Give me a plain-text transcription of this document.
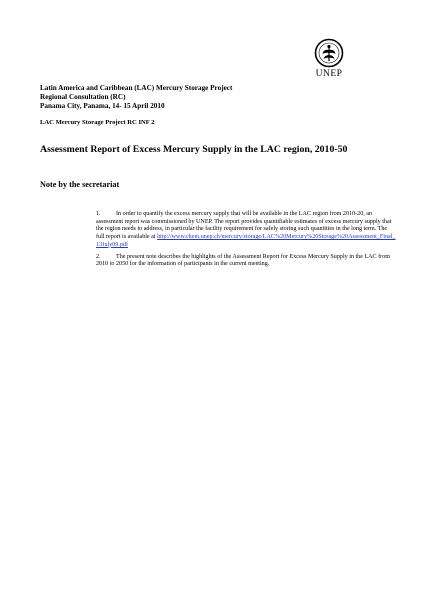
UNEP
Latin America and Caribbean (LAC) Mercury Storage Project
Regional Consultation (RC)
Panama City, Panama, 14- 15 April 2010
LAC Mercury Storage Project RC INF 2
Assessment Report of Excess Mercury Supply in the LAC region, 2010-50
Note by the secretariat

1.	In order to quantify the excess mercury supply that will be available in the LAC region from 2010-20, an assessment report was commissioned by UNEP. The report provides quantifiable estimates of excess mercury supply that the region needs to address, in particular the facility requirement for safely storing such quantities in the long term. The full report is available at http://www.chem.unep.ch/mercury/storage/LAC%20Mercury%20Storage%20Assessment_Final_13July09.pdf

2.	The present note describes the highlights of the Assessment Report for Excess Mercury Supply in the LAC from 2010 to 2050 for the information of participants in the current meeting.
